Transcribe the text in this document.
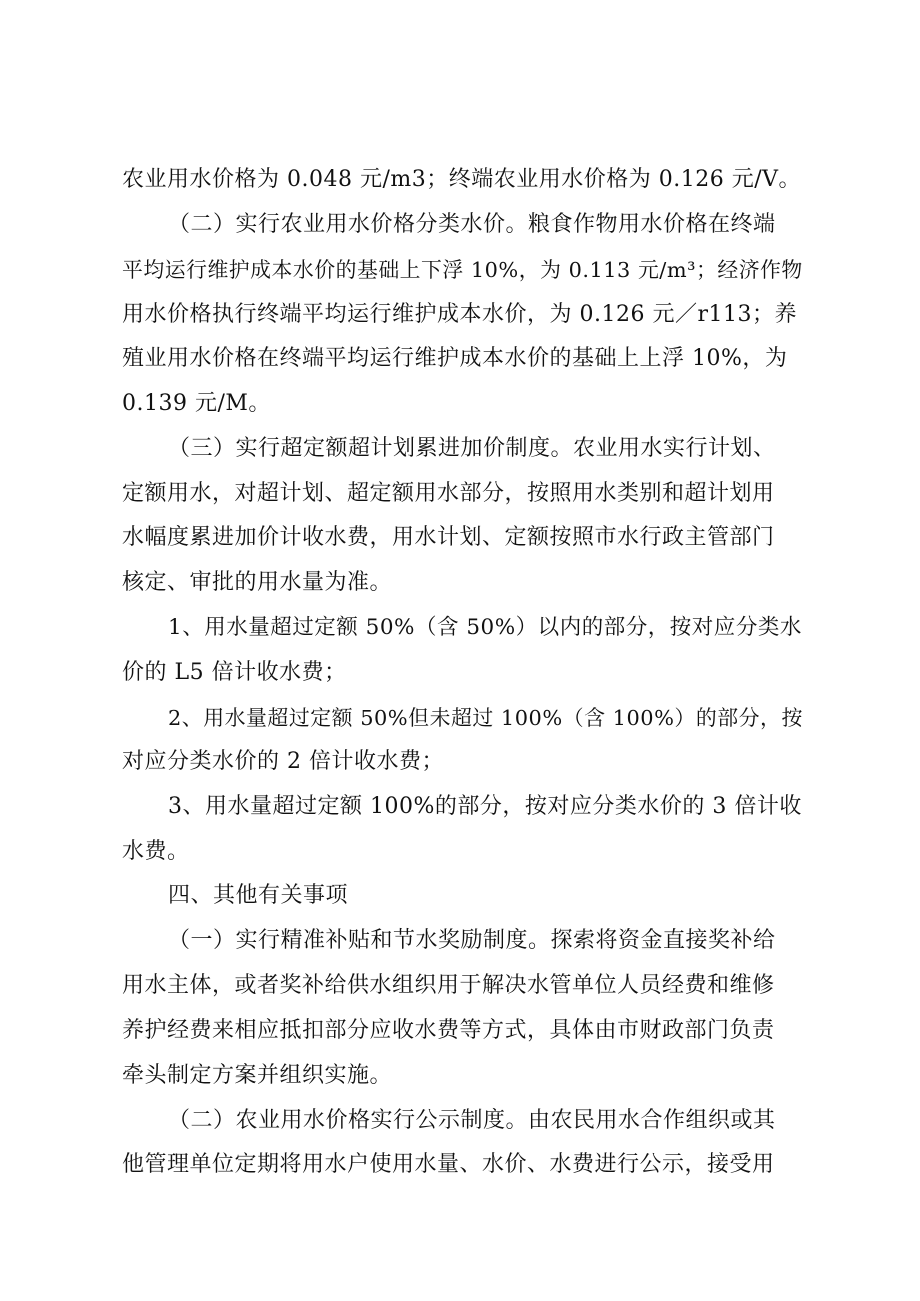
农业用水价格为 0.048 元/m3；终端农业用水价格为 0.126 元/V。
（二）实行农业用水价格分类水价。粮食作物用水价格在终端
平均运行维护成本水价的基础上下浮 10%，为 0.113 元/m³；经济作物
用水价格执行终端平均运行维护成本水价，为 0.126 元／r113；养
殖业用水价格在终端平均运行维护成本水价的基础上上浮 10%，为
0.139 元/M。
（三）实行超定额超计划累进加价制度。农业用水实行计划、
定额用水，对超计划、超定额用水部分，按照用水类别和超计划用
水幅度累进加价计收水费，用水计划、定额按照市水行政主管部门
核定、审批的用水量为准。
1、用水量超过定额 50%（含 50%）以内的部分，按对应分类水
价的 L5 倍计收水费；
2、用水量超过定额 50%但未超过 100%（含 100%）的部分，按
对应分类水价的 2 倍计收水费；
3、用水量超过定额 100%的部分，按对应分类水价的 3 倍计收
水费。
四、其他有关事项
（一）实行精准补贴和节水奖励制度。探索将资金直接奖补给
用水主体，或者奖补给供水组织用于解决水管单位人员经费和维修
养护经费来相应抵扣部分应收水费等方式，具体由市财政部门负责
牵头制定方案并组织实施。
（二）农业用水价格实行公示制度。由农民用水合作组织或其
他管理单位定期将用水户使用水量、水价、水费进行公示，接受用
